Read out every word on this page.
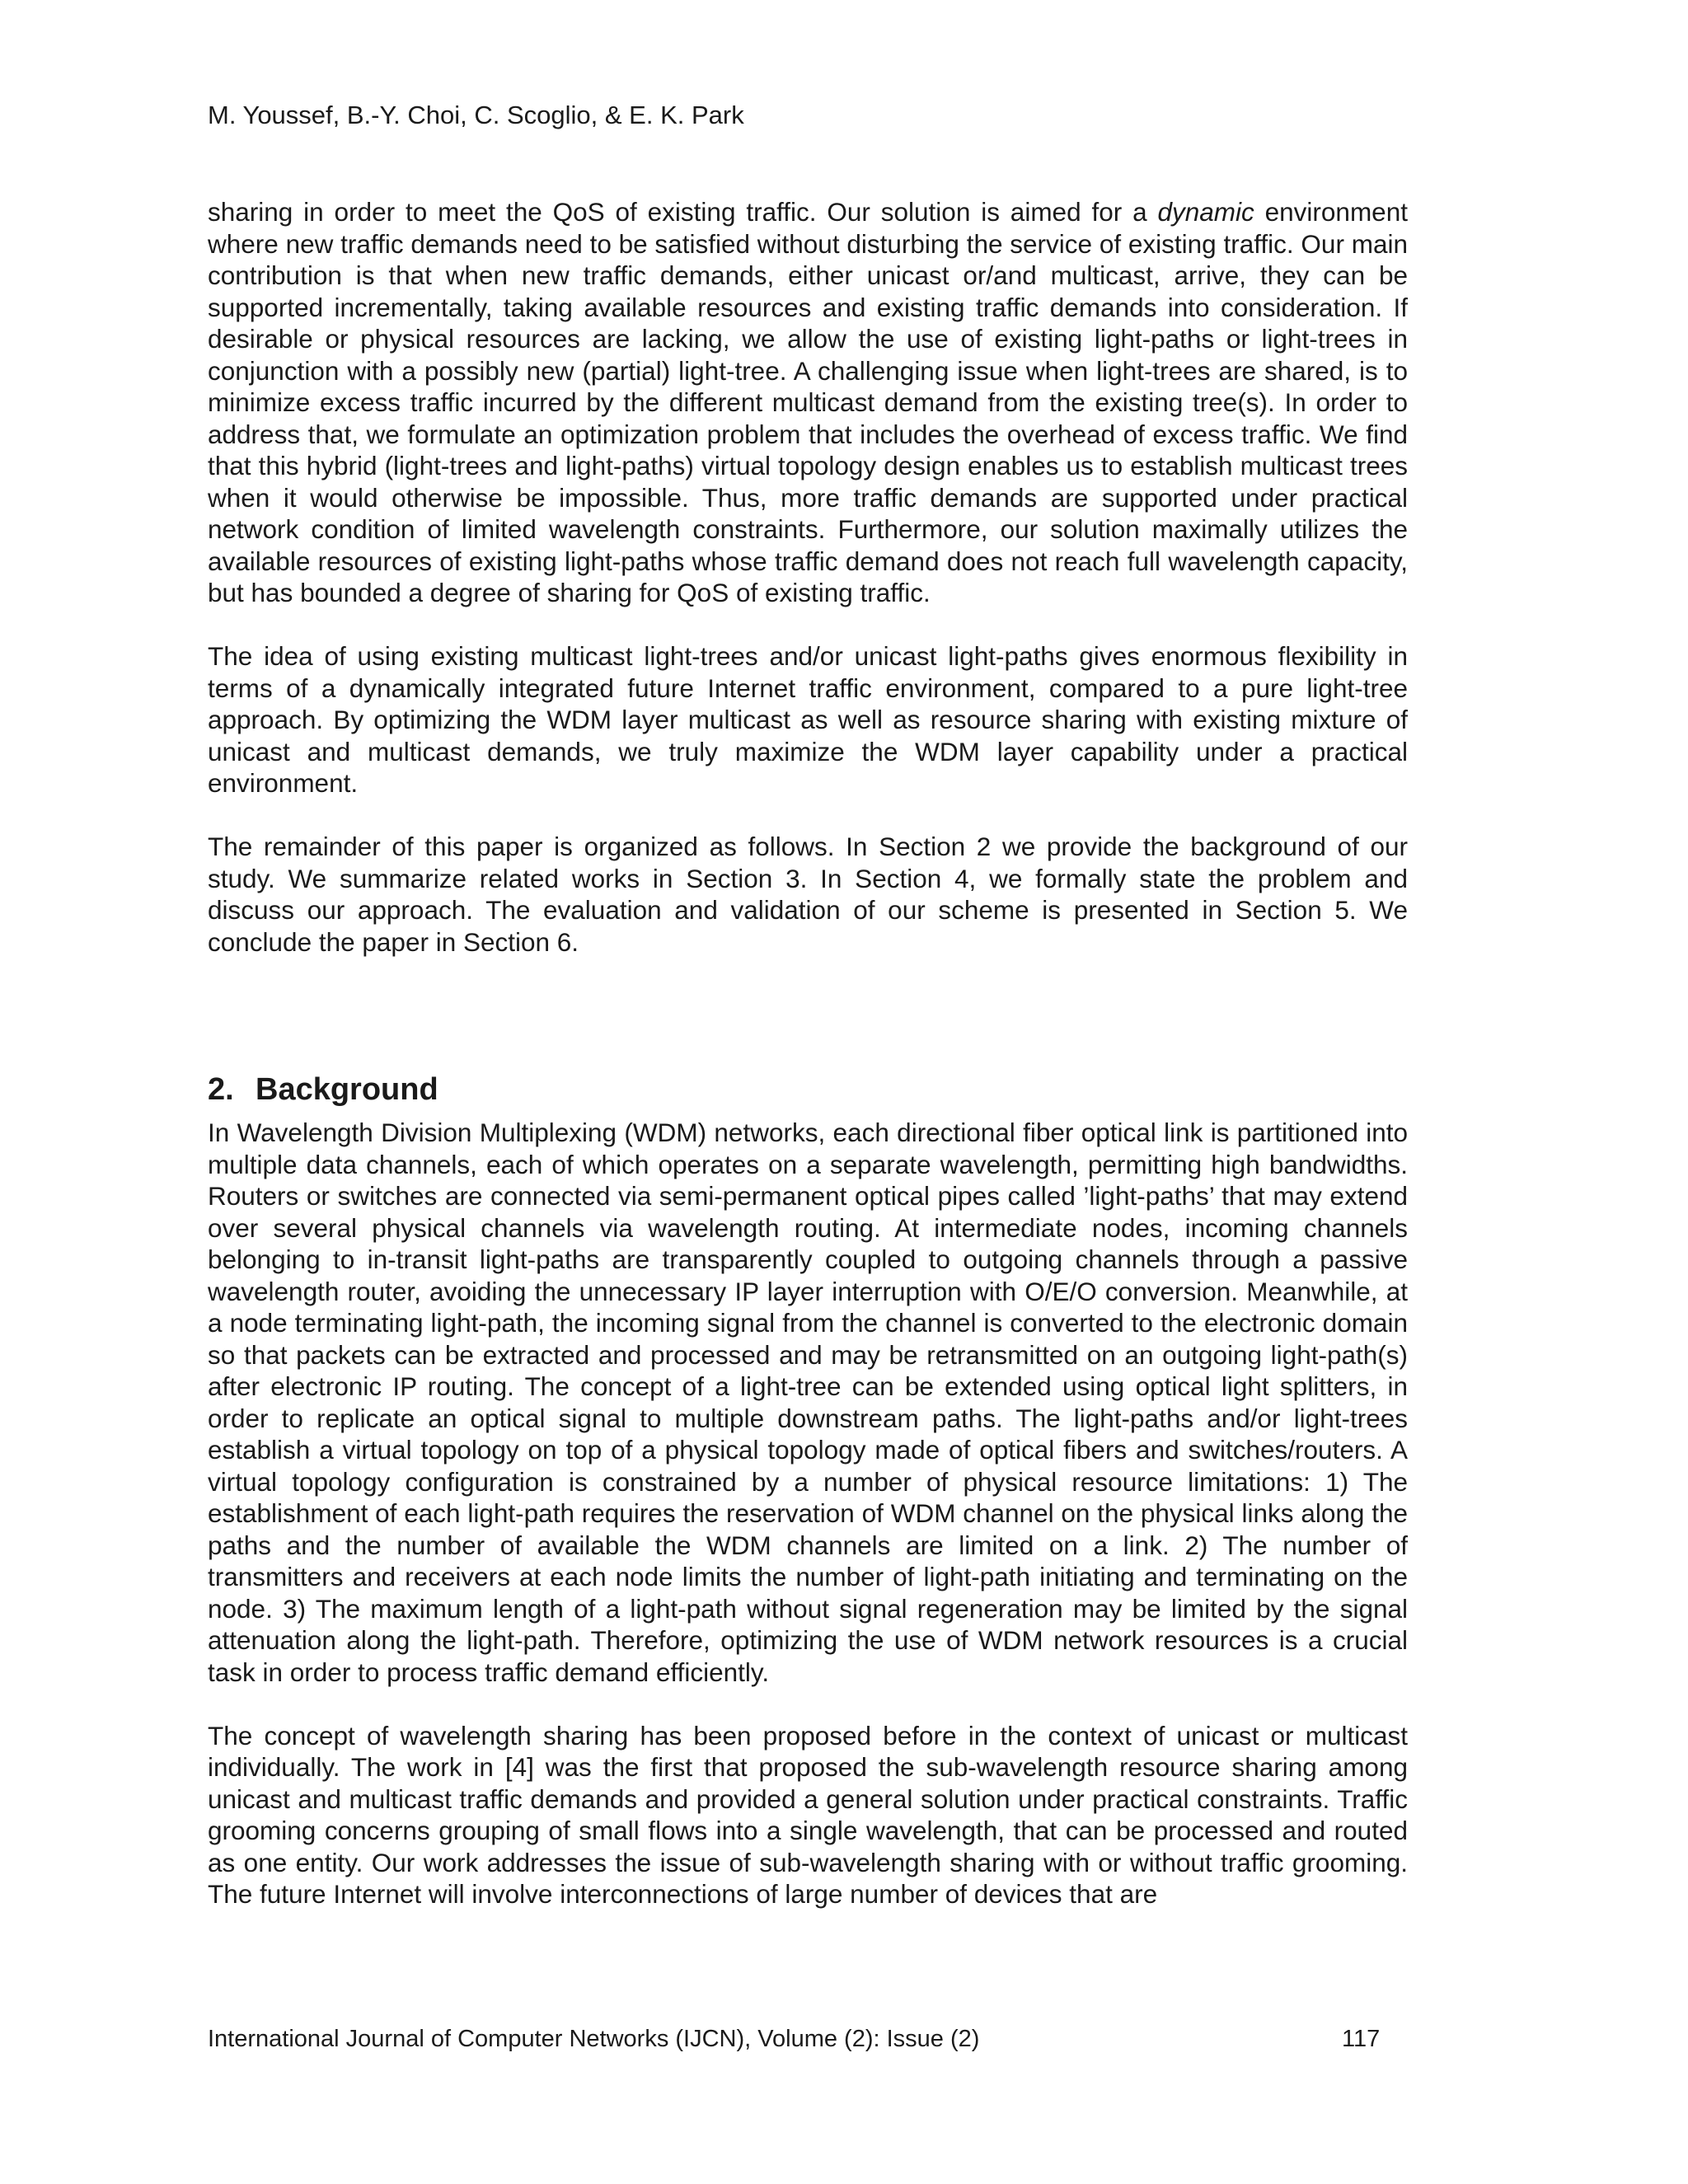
M. Youssef, B.-Y. Choi, C. Scoglio, & E. K. Park

sharing in order to meet the QoS of existing traffic. Our solution is aimed for a dynamic environment where new traffic demands need to be satisfied without disturbing the service of existing traffic. Our main contribution is that when new traffic demands, either unicast or/and multicast, arrive, they can be supported incrementally, taking available resources and existing traffic demands into consideration. If desirable or physical resources are lacking, we allow the use of existing light-paths or light-trees in conjunction with a possibly new (partial) light-tree. A challenging issue when light-trees are shared, is to minimize excess traffic incurred by the different multicast demand from the existing tree(s). In order to address that, we formulate an optimization problem that includes the overhead of excess traffic. We find that this hybrid (light-trees and light-paths) virtual topology design enables us to establish multicast trees when it would otherwise be impossible. Thus, more traffic demands are supported under practical network condition of limited wavelength constraints. Furthermore, our solution maximally utilizes the available resources of existing light-paths whose traffic demand does not reach full wavelength capacity, but has bounded a degree of sharing for QoS of existing traffic.

The idea of using existing multicast light-trees and/or unicast light-paths gives enormous flexibility in terms of a dynamically integrated future Internet traffic environment, compared to a pure light-tree approach. By optimizing the WDM layer multicast as well as resource sharing with existing mixture of unicast and multicast demands, we truly maximize the WDM layer capability under a practical environment.

The remainder of this paper is organized as follows. In Section 2 we provide the background of our study. We summarize related works in Section 3. In Section 4, we formally state the problem and discuss our approach. The evaluation and validation of our scheme is presented in Section 5. We conclude the paper in Section 6.

2. Background

In Wavelength Division Multiplexing (WDM) networks, each directional fiber optical link is partitioned into multiple data channels, each of which operates on a separate wavelength, permitting high bandwidths. Routers or switches are connected via semi-permanent optical pipes called ’light-paths’ that may extend over several physical channels via wavelength routing. At intermediate nodes, incoming channels belonging to in-transit light-paths are transparently coupled to outgoing channels through a passive wavelength router, avoiding the unnecessary IP layer interruption with O/E/O conversion. Meanwhile, at a node terminating light-path, the incoming signal from the channel is converted to the electronic domain so that packets can be extracted and processed and may be retransmitted on an outgoing light-path(s) after electronic IP routing. The concept of a light-tree can be extended using optical light splitters, in order to replicate an optical signal to multiple downstream paths. The light-paths and/or light-trees establish a virtual topology on top of a physical topology made of optical fibers and switches/routers. A virtual topology configuration is constrained by a number of physical resource limitations: 1) The establishment of each light-path requires the reservation of WDM channel on the physical links along the paths and the number of available the WDM channels are limited on a link. 2) The number of transmitters and receivers at each node limits the number of light-path initiating and terminating on the node. 3) The maximum length of a light-path without signal regeneration may be limited by the signal attenuation along the light-path. Therefore, optimizing the use of WDM network resources is a crucial task in order to process traffic demand efficiently.

The concept of wavelength sharing has been proposed before in the context of unicast or multicast individually. The work in [4] was the first that proposed the sub-wavelength resource sharing among unicast and multicast traffic demands and provided a general solution under practical constraints. Traffic grooming concerns grouping of small flows into a single wavelength, that can be processed and routed as one entity. Our work addresses the issue of sub-wavelength sharing with or without traffic grooming. The future Internet will involve interconnections of large number of devices that are

International Journal of Computer Networks (IJCN), Volume (2): Issue (2)	117
